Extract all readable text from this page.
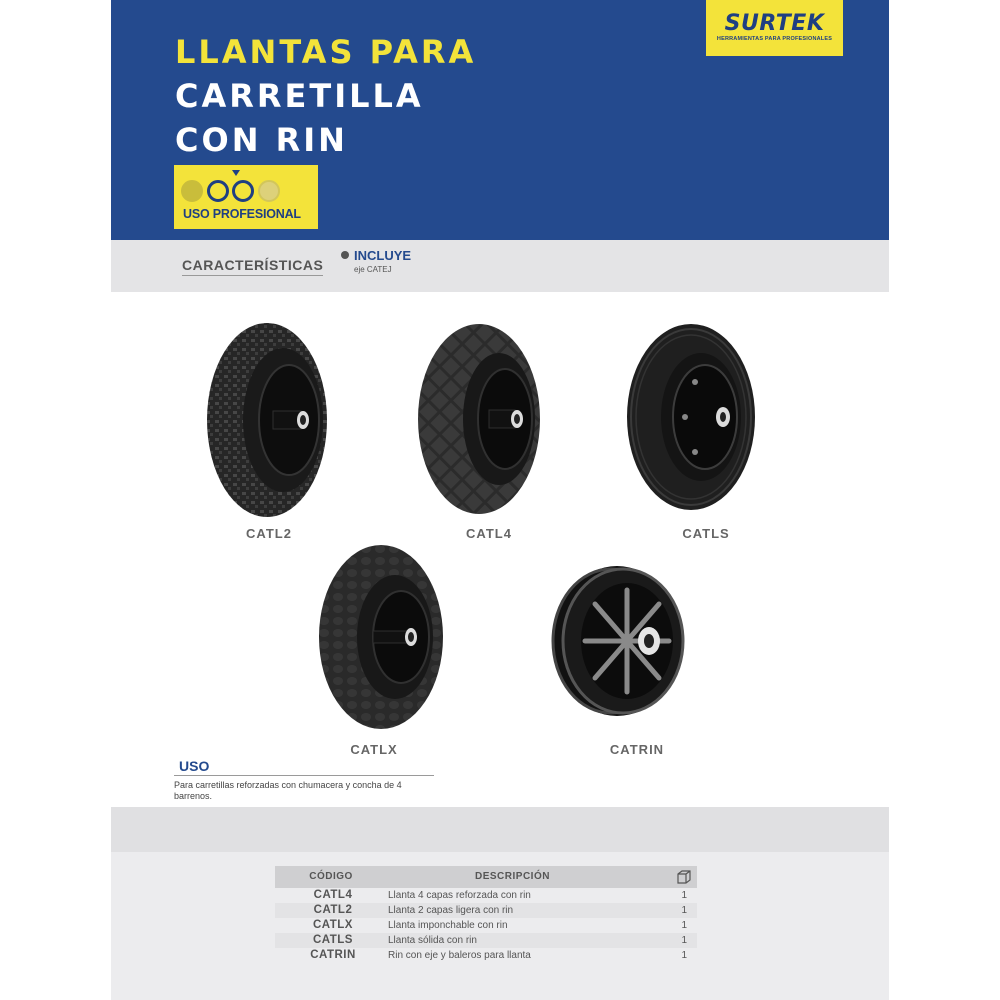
LLANTAS PARA
CARRETILLA
CON RIN
SURTEK
HERRAMIENTAS PARA PROFESIONALES
USO PROFESIONAL
CARACTERÍSTICAS
INCLUYE
eje CATEJ
CATL2	CATL4	CATLS
CATLX	CATRIN
USO
Para carretillas reforzadas con chumacera y concha de 4 barrenos.
CÓDIGO	DESCRIPCIÓN
CATL4	Llanta 4 capas reforzada con rin	1
CATL2	Llanta 2 capas ligera con rin	1
CATLX	Llanta imponchable con rin	1
CATLS	Llanta sólida con rin	1
CATRIN	Rin con eje y baleros para llanta	1
